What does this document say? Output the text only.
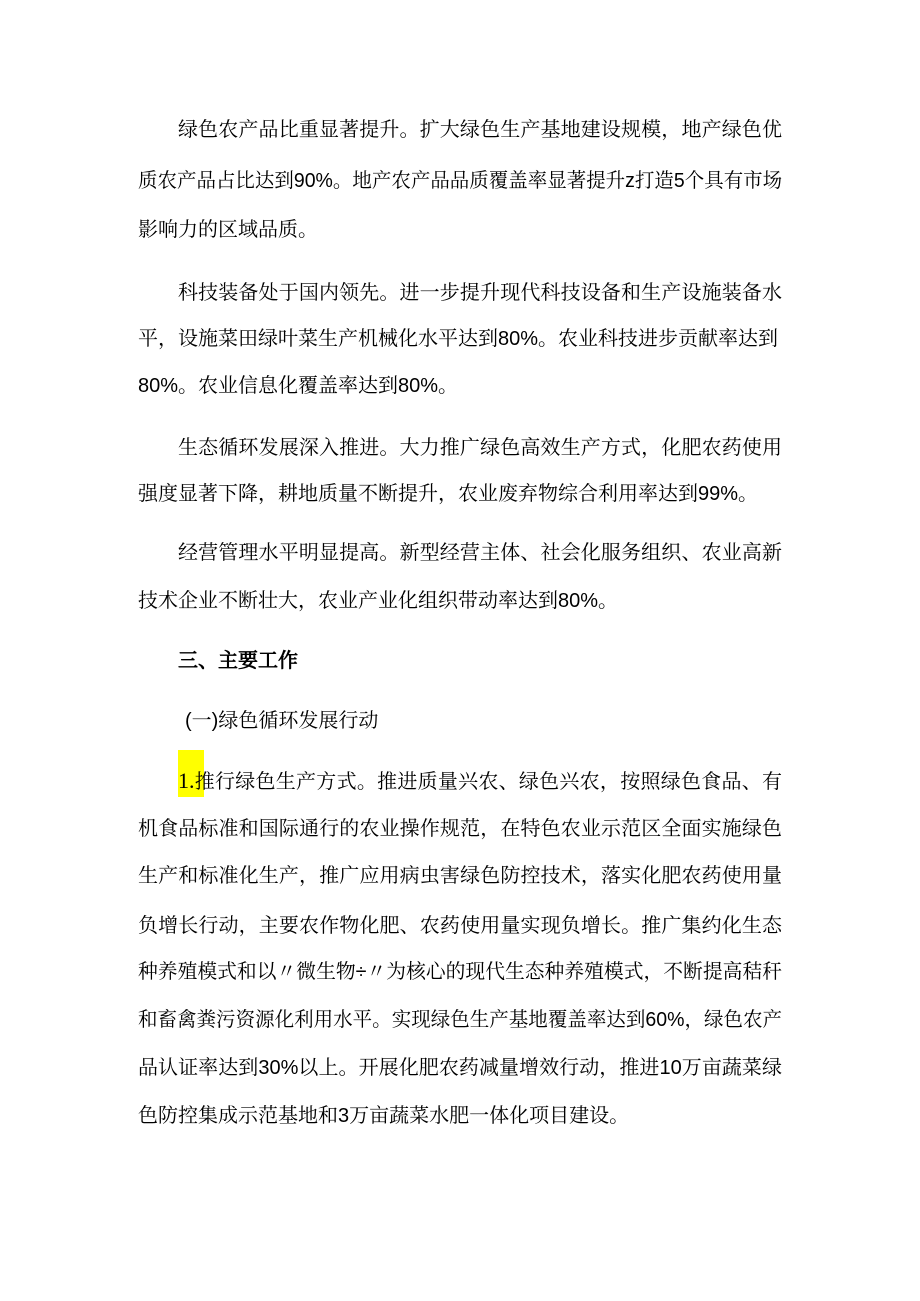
绿色农产品比重显著提升。扩大绿色生产基地建设规模，地产绿色优
质农产品占比达到90%。地产农产品品质覆盖率显著提升z打造5个具有市场
影响力的区域品质。
科技装备处于国内领先。进一步提升现代科技设备和生产设施装备水
平，设施菜田绿叶菜生产机械化水平达到80%。农业科技进步贡献率达到
80%。农业信息化覆盖率达到80%。
生态循环发展深入推进。大力推广绿色高效生产方式，化肥农药使用
强度显著下降，耕地质量不断提升，农业废弃物综合利用率达到99%。
经营管理水平明显提高。新型经营主体、社会化服务组织、农业高新
技术企业不断壮大，农业产业化组织带动率达到80%。
三、主要工作
(一)绿色循环发展行动
1.推行绿色生产方式。推进质量兴农、绿色兴农，按照绿色食品、有
机食品标准和国际通行的农业操作规范，在特色农业示范区全面实施绿色
生产和标准化生产，推广应用病虫害绿色防控技术，落实化肥农药使用量
负增长行动，主要农作物化肥、农药使用量实现负增长。推广集约化生态
种养殖模式和以〃微生物÷〃为核心的现代生态种养殖模式，不断提高秸秆
和畜禽粪污资源化利用水平。实现绿色生产基地覆盖率达到60%，绿色农产
品认证率达到30%以上。开展化肥农药减量增效行动，推进10万亩蔬菜绿
色防控集成示范基地和3万亩蔬菜水肥一体化项目建设。
